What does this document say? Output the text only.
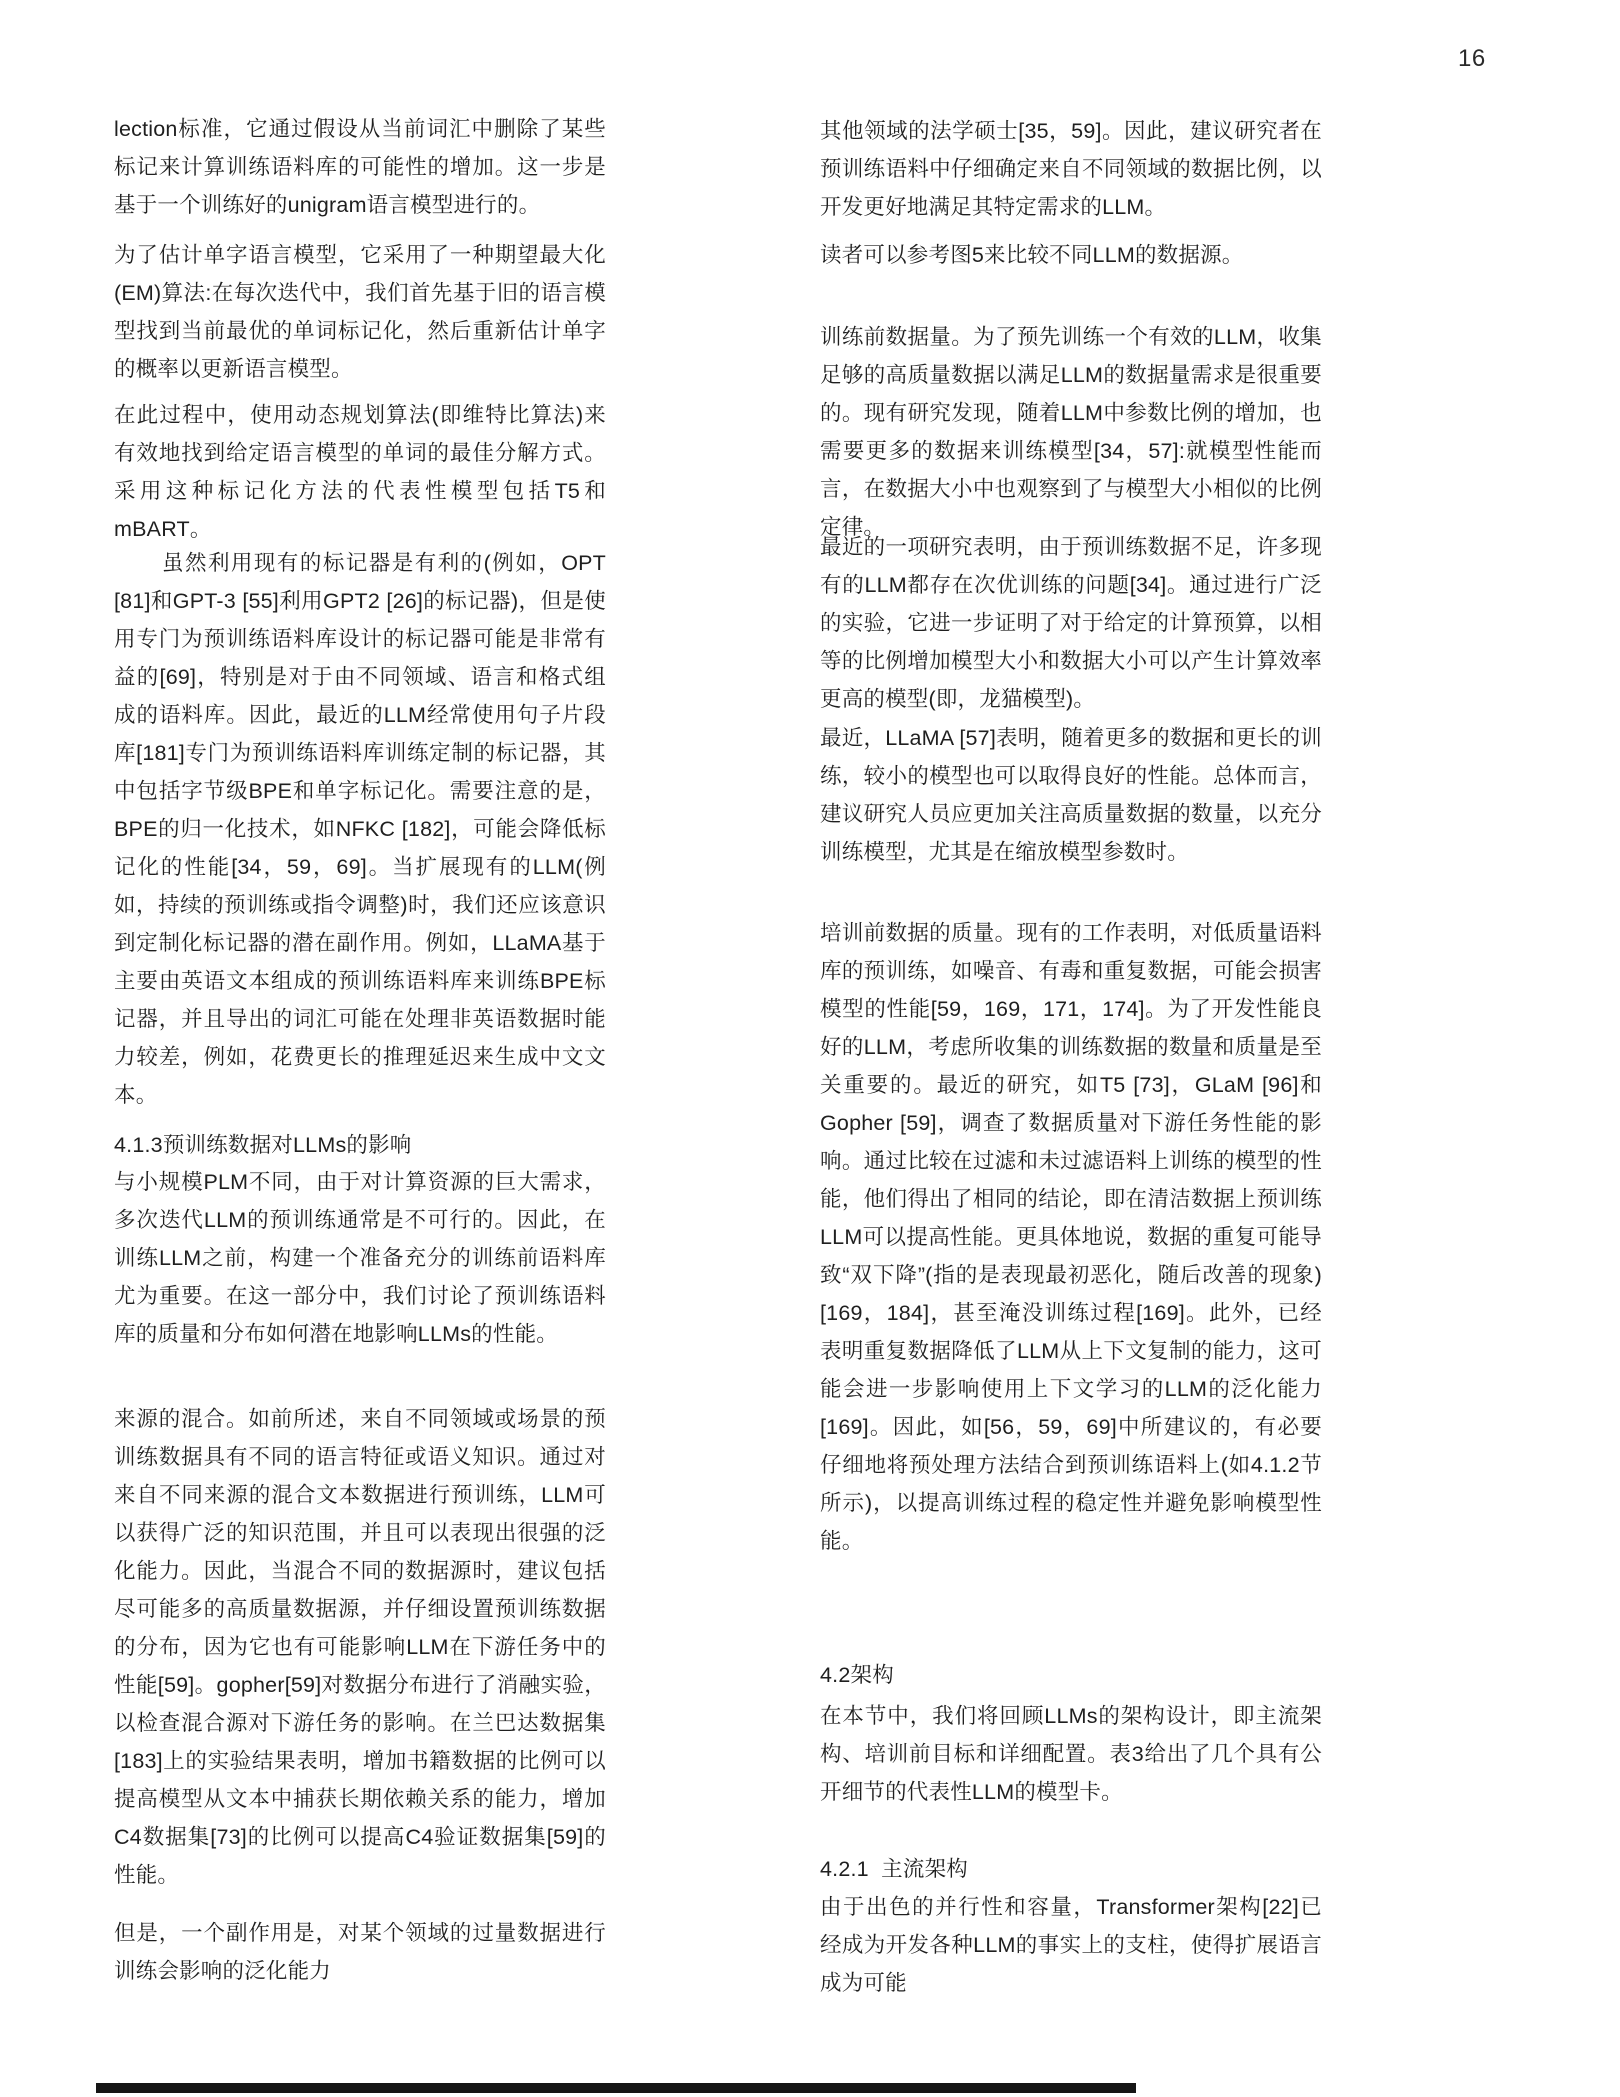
16
lection标准，它通过假设从当前词汇中删除了某些标记来计算训练语料库的可能性的增加。这一步是基于一个训练好的unigram语言模型进行的。
为了估计单字语言模型，它采用了一种期望最大化(EM)算法:在每次迭代中，我们首先基于旧的语言模型找到当前最优的单词标记化，然后重新估计单字的概率以更新语言模型。
在此过程中，使用动态规划算法(即维特比算法)来有效地找到给定语言模型的单词的最佳分解方式。采用这种标记化方法的代表性模型包括T5和mBART。
虽然利用现有的标记器是有利的(例如，OPT [81]和GPT-3 [55]利用GPT2 [26]的标记器)，但是使用专门为预训练语料库设计的标记器可能是非常有益的[69]，特别是对于由不同领域、语言和格式组成的语料库。因此，最近的LLM经常使用句子片段库[181]专门为预训练语料库训练定制的标记器，其中包括字节级BPE和单字标记化。需要注意的是，BPE的归一化技术，如NFKC [182]，可能会降低标记化的性能[34，59，69]。当扩展现有的LLM(例如，持续的预训练或指令调整)时，我们还应该意识到定制化标记器的潜在副作用。例如，LLaMA基于主要由英语文本组成的预训练语料库来训练BPE标记器，并且导出的词汇可能在处理非英语数据时能力较差，例如，花费更长的推理延迟来生成中文文本。
4.1.3预训练数据对LLMs的影响
与小规模PLM不同，由于对计算资源的巨大需求，多次迭代LLM的预训练通常是不可行的。因此，在训练LLM之前，构建一个准备充分的训练前语料库尤为重要。在这一部分中，我们讨论了预训练语料库的质量和分布如何潜在地影响LLMs的性能。
来源的混合。如前所述，来自不同领域或场景的预训练数据具有不同的语言特征或语义知识。通过对来自不同来源的混合文本数据进行预训练，LLM可以获得广泛的知识范围，并且可以表现出很强的泛化能力。因此，当混合不同的数据源时，建议包括尽可能多的高质量数据源，并仔细设置预训练数据的分布，因为它也有可能影响LLM在下游任务中的性能[59]。gopher[59]对数据分布进行了消融实验，以检查混合源对下游任务的影响。在兰巴达数据集[183]上的实验结果表明，增加书籍数据的比例可以提高模型从文本中捕获长期依赖关系的能力，增加C4数据集[73]的比例可以提高C4验证数据集[59]的性能。
但是，一个副作用是，对某个领域的过量数据进行训练会影响的泛化能力
其他领域的法学硕士[35，59]。因此，建议研究者在预训练语料中仔细确定来自不同领域的数据比例，以开发更好地满足其特定需求的LLM。
读者可以参考图5来比较不同LLM的数据源。
训练前数据量。为了预先训练一个有效的LLM，收集足够的高质量数据以满足LLM的数据量需求是很重要的。现有研究发现，随着LLM中参数比例的增加，也需要更多的数据来训练模型[34，57]:就模型性能而言，在数据大小中也观察到了与模型大小相似的比例定律。
最近的一项研究表明，由于预训练数据不足，许多现有的LLM都存在次优训练的问题[34]。通过进行广泛的实验，它进一步证明了对于给定的计算预算，以相等的比例增加模型大小和数据大小可以产生计算效率更高的模型(即，龙猫模型)。
最近，LLaMA [57]表明，随着更多的数据和更长的训练，较小的模型也可以取得良好的性能。总体而言，建议研究人员应更加关注高质量数据的数量，以充分训练模型，尤其是在缩放模型参数时。
培训前数据的质量。现有的工作表明，对低质量语料库的预训练，如噪音、有毒和重复数据，可能会损害模型的性能[59，169，171，174]。为了开发性能良好的LLM，考虑所收集的训练数据的数量和质量是至关重要的。最近的研究，如T5 [73]，GLaM [96]和Gopher [59]，调查了数据质量对下游任务性能的影响。通过比较在过滤和未过滤语料上训练的模型的性能，他们得出了相同的结论，即在清洁数据上预训练LLM可以提高性能。更具体地说，数据的重复可能导致“双下降”(指的是表现最初恶化，随后改善的现象)[169，184]，甚至淹没训练过程[169]。此外，已经表明重复数据降低了LLM从上下文复制的能力，这可能会进一步影响使用上下文学习的LLM的泛化能力[169]。因此，如[56，59，69]中所建议的，有必要仔细地将预处理方法结合到预训练语料上(如4.1.2节所示)，以提高训练过程的稳定性并避免影响模型性能。
4.2架构
在本节中，我们将回顾LLMs的架构设计，即主流架构、培训前目标和详细配置。表3给出了几个具有公开细节的代表性LLM的模型卡。
4.2.1  主流架构
由于出色的并行性和容量，Transformer架构[22]已经成为开发各种LLM的事实上的支柱，使得扩展语言成为可能
